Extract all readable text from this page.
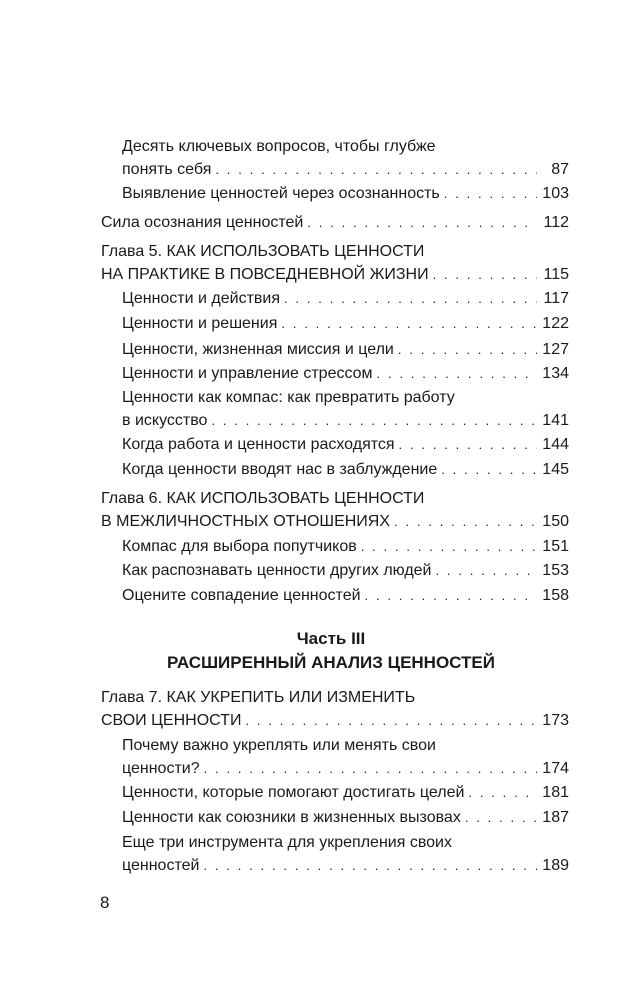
Десять ключевых вопросов, чтобы глубже
понять себя . . .	87
Выявление ценностей через осознанность . . .	103
Сила осознания ценностей . . .	112
Глава 5. КАК ИСПОЛЬЗОВАТЬ ЦЕННОСТИ
НА ПРАКТИКЕ В ПОВСЕДНЕВНОЙ ЖИЗНИ . . .	115
Ценности и действия . . .	117
Ценности и решения . . .	122
Ценности, жизненная миссия и цели . . .	127
Ценности и управление стрессом . . .	134
Ценности как компас: как превратить работу
в искусство . . .	141
Когда работа и ценности расходятся . . .	144
Когда ценности вводят нас в заблуждение . . .	145
Глава 6. КАК ИСПОЛЬЗОВАТЬ ЦЕННОСТИ
В МЕЖЛИЧНОСТНЫХ ОТНОШЕНИЯХ . . .	150
Компас для выбора попутчиков . . .	151
Как распознавать ценности других людей . . .	153
Оцените совпадение ценностей . . .	158
Часть III
РАСШИРЕННЫЙ АНАЛИЗ ЦЕННОСТЕЙ
Глава 7. КАК УКРЕПИТЬ ИЛИ ИЗМЕНИТЬ
СВОИ ЦЕННОСТИ . . .	173
Почему важно укреплять или менять свои
ценности? . . .	174
Ценности, которые помогают достигать целей . . .	181
Ценности как союзники в жизненных вызовах . . .	187
Еще три инструмента для укрепления своих
ценностей . . .	189
8
